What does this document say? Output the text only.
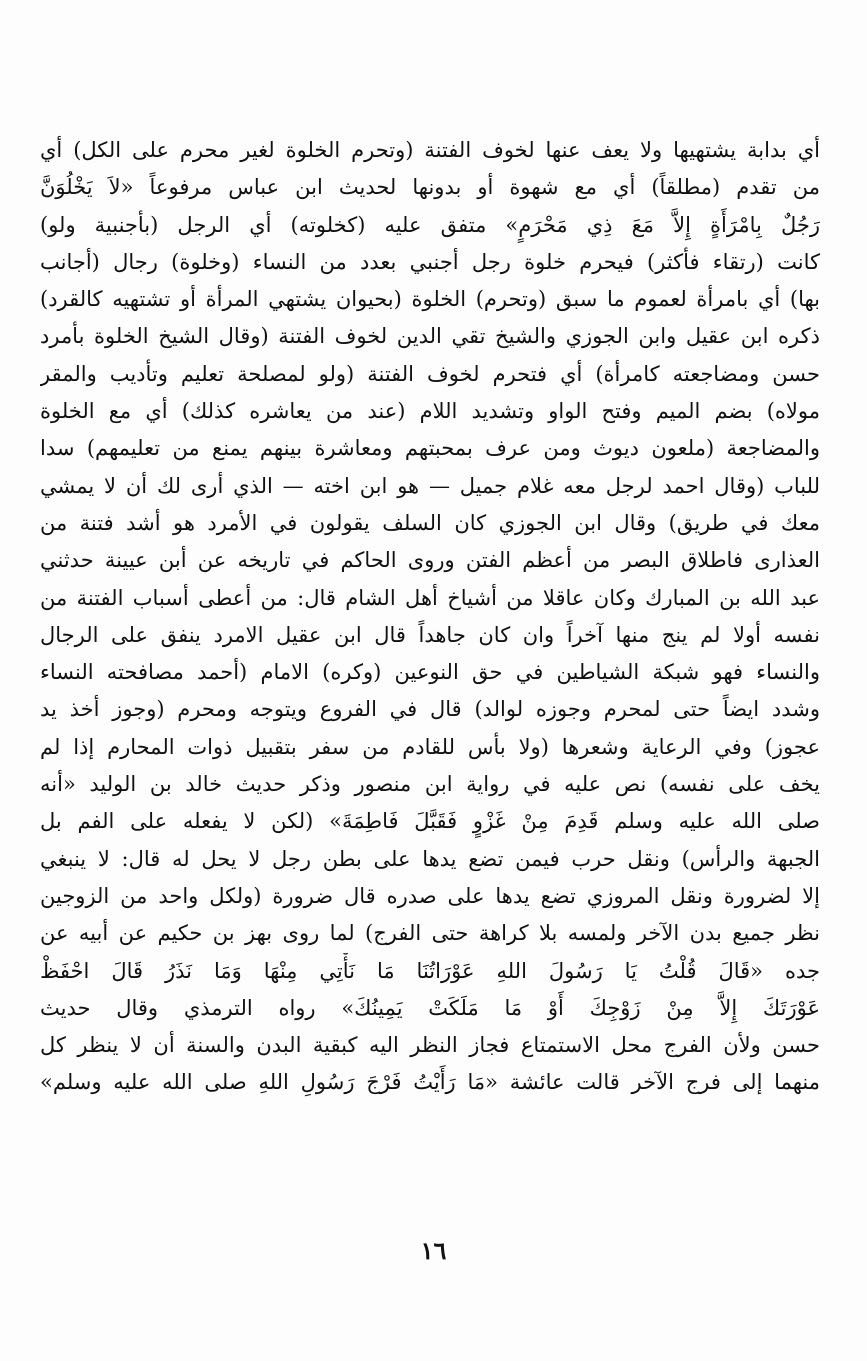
أي بدابة يشتهيها ولا يعف عنها لخوف الفتنة (وتحرم الخلوة لغير محرم على الكل) أي
من تقدم (مطلقاً) أي مع شهوة أو بدونها لحديث ابن عباس مرفوعاً «لاَ يَخْلُوَنَّ
رَجُلٌ بِامْرَأَةٍ إِلاَّ مَعَ ذِي مَحْرَمٍ» متفق عليه (كخلوته) أي الرجل (بأجنبية ولو)
كانت (رتقاء فأكثر) فيحرم خلوة رجل أجنبي بعدد من النساء (وخلوة) رجال (أجانب
بها) أي بامرأة لعموم ما سبق (وتحرم) الخلوة (بحيوان يشتهي المرأة أو تشتهيه كالقرد)
ذكره ابن عقيل وابن الجوزي والشيخ تقي الدين لخوف الفتنة (وقال الشيخ الخلوة بأمرد
حسن ومضاجعته كامرأة) أي فتحرم لخوف الفتنة (ولو لمصلحة تعليم وتأديب والمقر
مولاه) بضم الميم وفتح الواو وتشديد اللام (عند من يعاشره كذلك) أي مع الخلوة
والمضاجعة (ملعون ديوث ومن عرف بمحبتهم ومعاشرة بينهم يمنع من تعليمهم) سدا
للباب (وقال احمد لرجل معه غلام جميل — هو ابن اخته — الذي أرى لك أن لا يمشي
معك في طريق) وقال ابن الجوزي كان السلف يقولون في الأمرد هو أشد فتنة من
العذارى فاطلاق البصر من أعظم الفتن وروى الحاكم في تاريخه عن أبن عيينة حدثني
عبد الله بن المبارك وكان عاقلا من أشياخ أهل الشام قال: من أعطى أسباب الفتنة من
نفسه أولا لم ينج منها آخراً وان كان جاهداً قال ابن عقيل الامرد ينفق على الرجال
والنساء فهو شبكة الشياطين في حق النوعين (وكره) الامام (أحمد مصافحته النساء
وشدد ايضاً حتى لمحرم وجوزه لوالد) قال في الفروع ويتوجه ومحرم (وجوز أخذ يد
عجوز) وفي الرعاية وشعرها (ولا بأس للقادم من سفر بتقبيل ذوات المحارم إذا لم
يخف على نفسه) نص عليه في رواية ابن منصور وذكر حديث خالد بن الوليد «أنه
صلى الله عليه وسلم قَدِمَ مِنْ غَزْوٍ فَقَبَّلَ فَاطِمَةَ» (لكن لا يفعله على الفم بل
الجبهة والرأس) ونقل حرب فيمن تضع يدها على بطن رجل لا يحل له قال: لا ينبغي
إلا لضرورة ونقل المروزي تضع يدها على صدره قال ضرورة (ولكل واحد من الزوجين
نظر جميع بدن الآخر ولمسه بلا كراهة حتى الفرج) لما روى بهز بن حكيم عن أبيه عن
جده «قَالَ قُلْتُ يَا رَسُولَ اللهِ عَوْرَاتُنَا مَا نَأْتِي مِنْهَا وَمَا نَذَرُ قَالَ احْفَظْ
عَوْرَتَكَ إِلاَّ مِنْ زَوْجِكَ أَوْ مَا مَلَكَتْ يَمِينُكَ» رواه الترمذي وقال حديث
حسن ولأن الفرج محل الاستمتاع فجاز النظر اليه كبقية البدن والسنة أن لا ينظر كل
منهما إلى فرج الآخر قالت عائشة «مَا رَأَيْتُ فَرْجَ رَسُولِ اللهِ صلى الله عليه وسلم»
١٦
